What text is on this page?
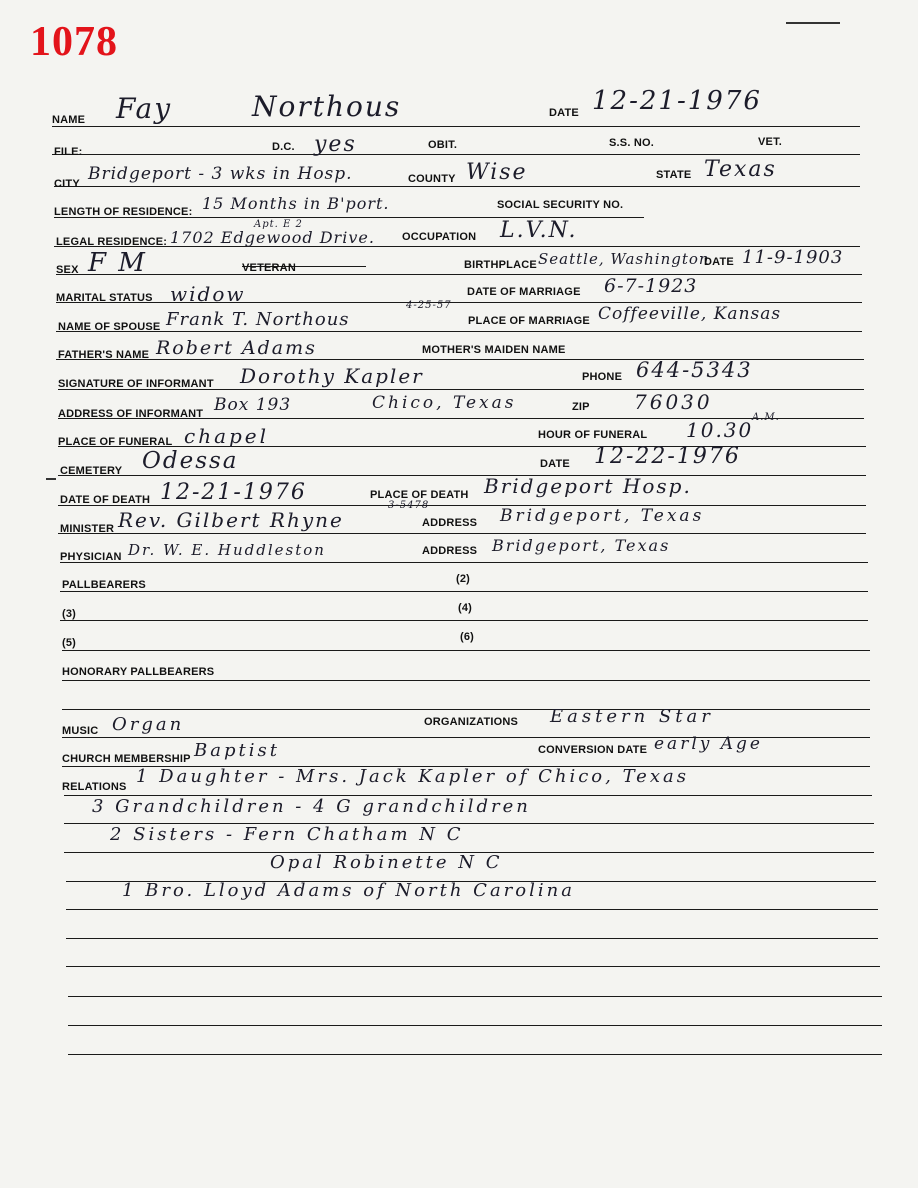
1078
NAME Fay	Northous	DATE 12-21-1976
FILE:	D.C. yes	OBIT.	S.S. NO.	VET.
CITY Bridgeport - 3 wks in Hosp.	COUNTY Wise	STATE Texas
LENGTH OF RESIDENCE: 15 Months in B'port.	SOCIAL SECURITY NO.
Apt. E 2
LEGAL RESIDENCE: 1702 Edgewood Drive. OCCUPATION L.V.N.
SEX F M	VETERAN	BIRTHPLACE Seattle, Washington
DATE 11-9-1903
MARITAL STATUS widow	DATE OF MARRIAGE 6-7-1923
4-25-57
NAME OF SPOUSE Frank T. Northous	PLACE OF MARRIAGE Coffeeville, Kansas
FATHER'S NAME Robert Adams	MOTHER'S MAIDEN NAME
SIGNATURE OF INFORMANT Dorothy Kapler	PHONE 644-5343
ADDRESS OF INFORMANT Box 193	Chico, Texas	ZIP 76030
PLACE OF FUNERAL chapel	HOUR OF FUNERAL 10.30
A.M.
CEMETERY Odessa	DATE 12-22-1976
DATE OF DEATH 12-21-1976	PLACE OF DEATH Bridgeport Hosp.
3-5478
MINISTER Rev. Gilbert Rhyne	ADDRESS Bridgeport, Texas
PHYSICIAN Dr. W. E. Huddleston	ADDRESS Bridgeport, Texas
PALLBEARERS	(2)
(3)	(4)
(5)	(6)
HONORARY PALLBEARERS
MUSIC Organ	ORGANIZATIONS Eastern Star
CHURCH MEMBERSHIP Baptist	CONVERSION DATE early Age
RELATIONS 1 Daughter - Mrs. Jack Kapler of Chico, Texas
3 Grandchildren - 4 G grandchildren
2 Sisters - Fern Chatham N C
Opal Robinette N C
1 Bro. Lloyd Adams of North Carolina
